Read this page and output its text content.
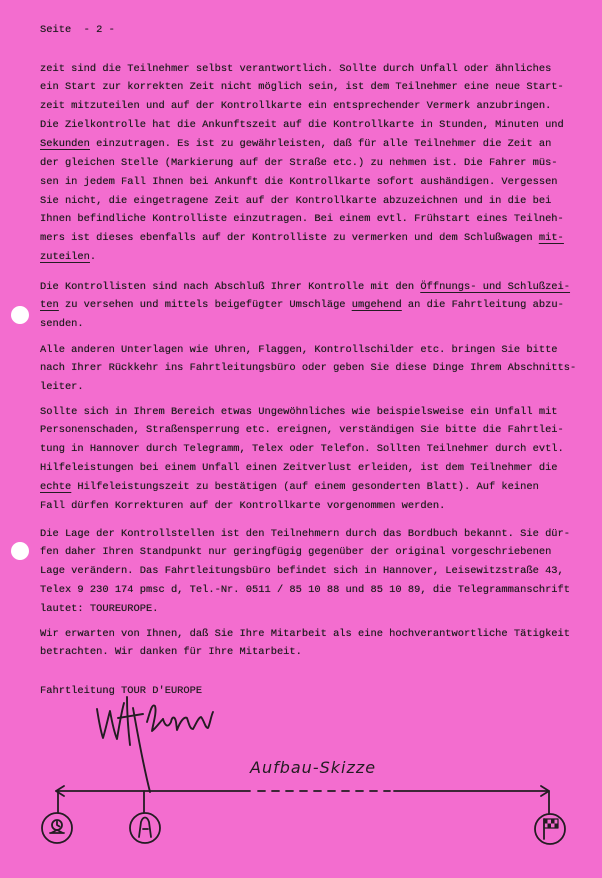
Seite  - 2 -
zeit sind die Teilnehmer selbst verantwortlich. Sollte durch Unfall oder ähnliches
ein Start zur korrekten Zeit nicht möglich sein, ist dem Teilnehmer eine neue Start-
zeit mitzuteilen und auf der Kontrollkarte ein entsprechender Vermerk anzubringen.
Die Zielkontrolle hat die Ankunftszeit auf die Kontrollkarte in Stunden, Minuten und
Sekunden einzutragen. Es ist zu gewährleisten, daß für alle Teilnehmer die Zeit an
der gleichen Stelle (Markierung auf der Straße etc.) zu nehmen ist. Die Fahrer müs-
sen in jedem Fall Ihnen bei Ankunft die Kontrollkarte sofort aushändigen. Vergessen
Sie nicht, die eingetragene Zeit auf der Kontrollkarte abzuzeichnen und in die bei
Ihnen befindliche Kontrolliste einzutragen. Bei einem evtl. Frühstart eines Teilneh-
mers ist dieses ebenfalls auf der Kontrolliste zu vermerken und dem Schlußwagen mit-
zuteilen.
Die Kontrollisten sind nach Abschluß Ihrer Kontrolle mit den Öffnungs- und Schlußzei-
ten zu versehen und mittels beigefügter Umschläge umgehend an die Fahrtleitung abzu-
senden.
Alle anderen Unterlagen wie Uhren, Flaggen, Kontrollschilder etc. bringen Sie bitte
nach Ihrer Rückkehr ins Fahrtleitungsbüro oder geben Sie diese Dinge Ihrem Abschnitts-
leiter.
Sollte sich in Ihrem Bereich etwas Ungewöhnliches wie beispielsweise ein Unfall mit
Personenschaden, Straßensperrung etc. ereignen, verständigen Sie bitte die Fahrtlei-
tung in Hannover durch Telegramm, Telex oder Telefon. Sollten Teilnehmer durch evtl.
Hilfeleistungen bei einem Unfall einen Zeitverlust erleiden, ist dem Teilnehmer die
echte Hilfeleistungszeit zu bestätigen (auf einem gesonderten Blatt). Auf keinen
Fall dürfen Korrekturen auf der Kontrollkarte vorgenommen werden.
Die Lage der Kontrollstellen ist den Teilnehmern durch das Bordbuch bekannt. Sie dür-
fen daher Ihren Standpunkt nur geringfügig gegenüber der original vorgeschriebenen
Lage verändern. Das Fahrtleitungsbüro befindet sich in Hannover, Leisewitzstraße 43,
Telex 9 230 174 pmsc d, Tel.-Nr. 0511 / 85 10 88 und 85 10 89, die Telegrammanschrift
lautet: TOUREUROPE.
Wir erwarten von Ihnen, daß Sie Ihre Mitarbeit als eine hochverantwortliche Tätigkeit
betrachten. Wir danken für Ihre Mitarbeit.
Fahrtleitung TOUR D'EUROPE
Aufbau-Skizze
